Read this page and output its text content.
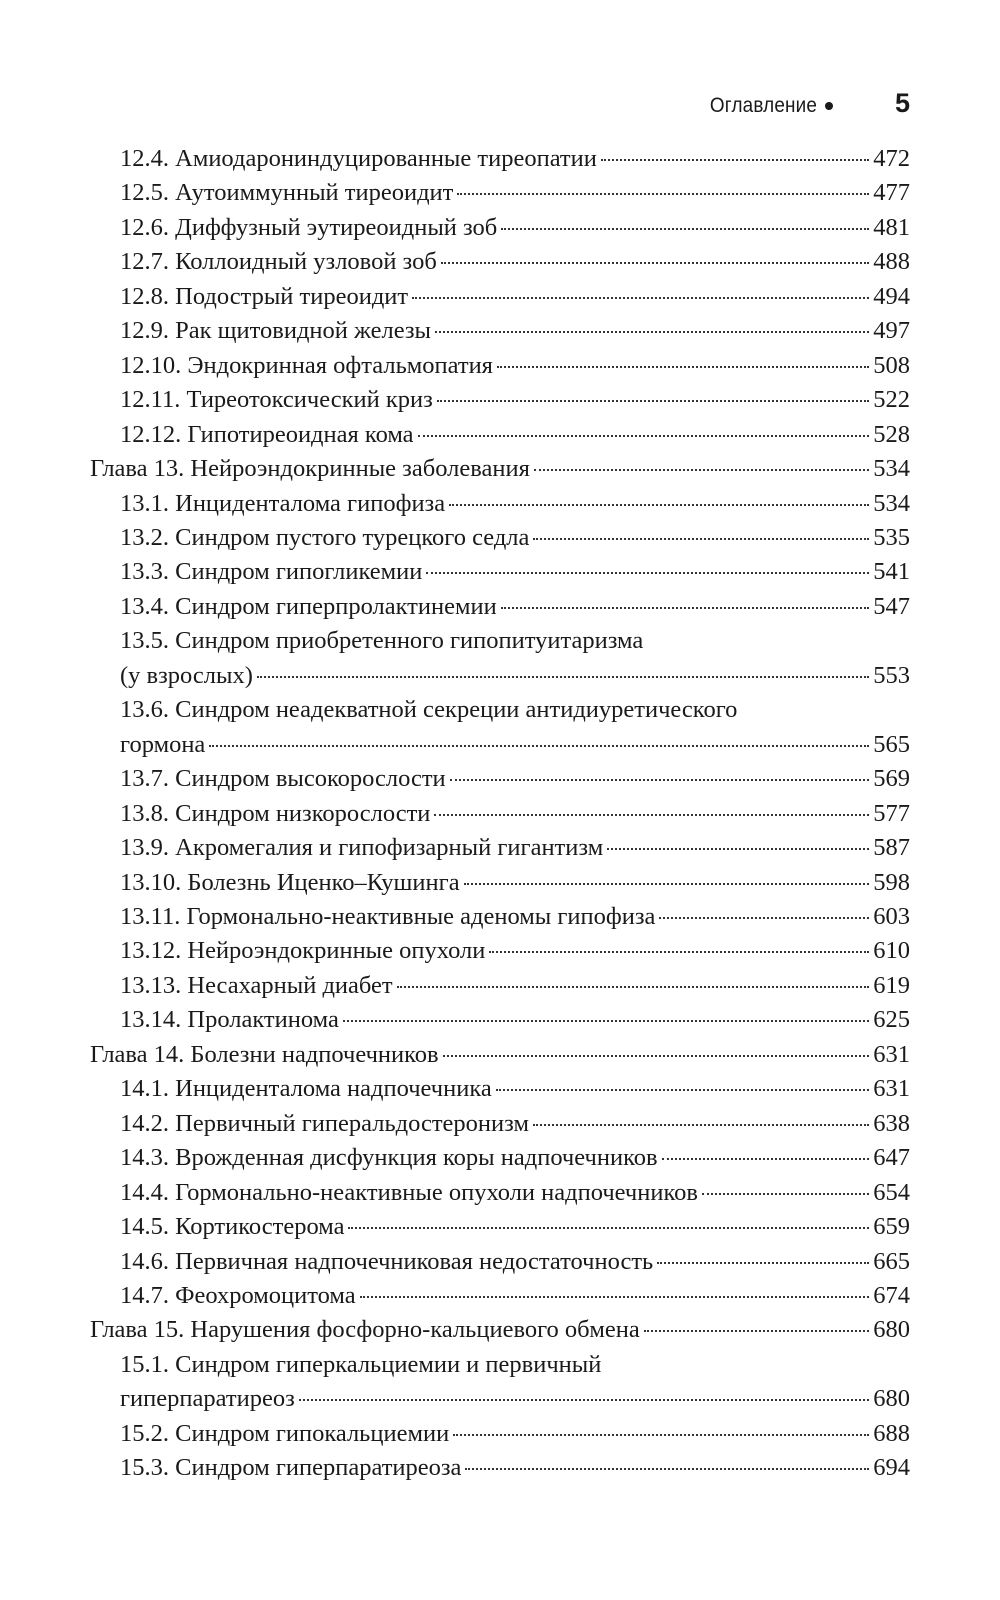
Оглавление	5
12.4. Амиодарониндуцированные тиреопатии	472
12.5. Аутоиммунный тиреоидит	477
12.6. Диффузный эутиреоидный зоб	481
12.7. Коллоидный узловой зоб	488
12.8. Подострый тиреоидит	494
12.9. Рак щитовидной железы	497
12.10. Эндокринная офтальмопатия	508
12.11. Тиреотоксический криз	522
12.12. Гипотиреоидная кома	528
Глава 13. Нейроэндокринные заболевания	534
13.1. Инциденталома гипофиза	534
13.2. Синдром пустого турецкого седла	535
13.3. Синдром гипогликемии	541
13.4. Синдром гиперпролактинемии	547
13.5. Синдром приобретенного гипопитуитаризма
(у взрослых)	553
13.6. Синдром неадекватной секреции антидиуретического
гормона	565
13.7. Синдром высокорослости	569
13.8. Синдром низкорослости	577
13.9. Акромегалия и гипофизарный гигантизм	587
13.10. Болезнь Иценко–Кушинга	598
13.11. Гормонально-неактивные аденомы гипофиза	603
13.12. Нейроэндокринные опухоли	610
13.13. Несахарный диабет	619
13.14. Пролактинома	625
Глава 14. Болезни надпочечников	631
14.1. Инциденталома надпочечника	631
14.2. Первичный гиперальдостеронизм	638
14.3. Врожденная дисфункция коры надпочечников	647
14.4. Гормонально-неактивные опухоли надпочечников	654
14.5. Кортикостерома	659
14.6. Первичная надпочечниковая недостаточность	665
14.7. Феохромоцитома	674
Глава 15. Нарушения фосфорно-кальциевого обмена	680
15.1. Синдром гиперкальциемии и первичный
гиперпаратиреоз	680
15.2. Синдром гипокальциемии	688
15.3. Синдром гиперпаратиреоза	694
